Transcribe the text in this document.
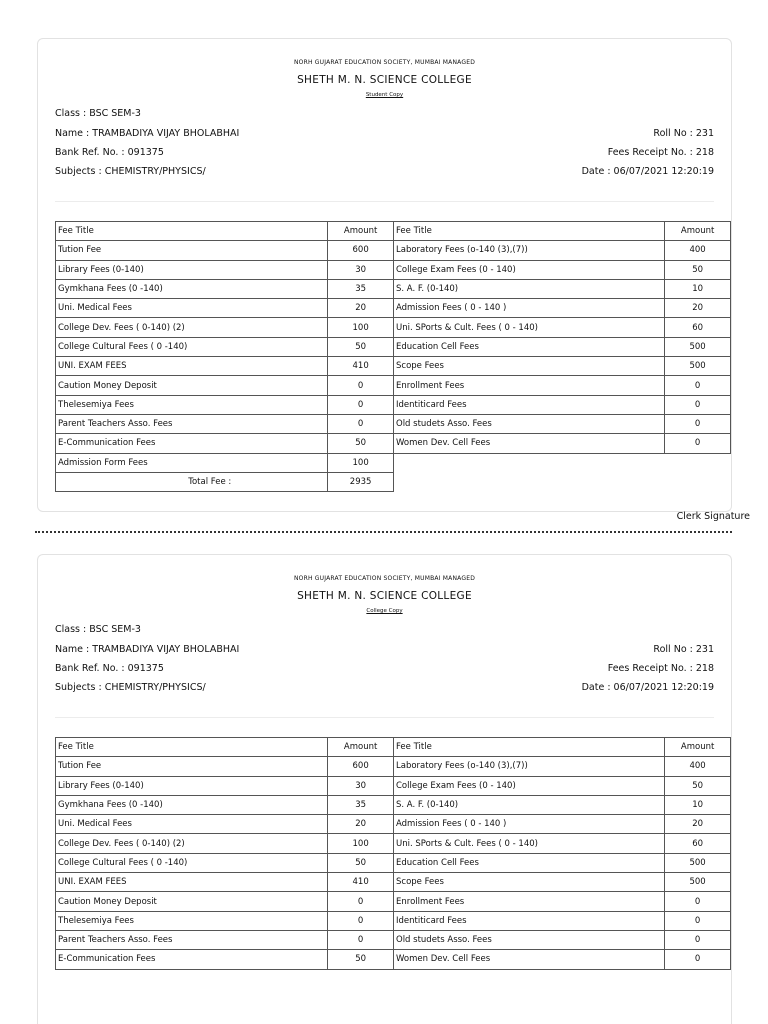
NORH GUJARAT EDUCATION SOCIETY, MUMBAI MANAGED
SHETH M. N. SCIENCE COLLEGE
Student Copy
Class : BSC SEM-3
Name : TRAMBADIYA VIJAY BHOLABHAI	Roll No : 231
Bank Ref. No. : 091375	Fees Receipt No. : 218
Subjects : CHEMISTRY/PHYSICS/	Date : 06/07/2021 12:20:19
Fee Title	Amount	Fee Title	Amount
Tution Fee	600	Laboratory Fees (o-140 (3),(7))	400
Library Fees (0-140)	30	College Exam Fees (0 - 140)	50
Gymkhana Fees (0 -140)	35	S. A. F. (0-140)	10
Uni. Medical Fees	20	Admission Fees ( 0 - 140 )	20
College Dev. Fees ( 0-140) (2)	100	Uni. SPorts & Cult. Fees ( 0 - 140)	60
College Cultural Fees ( 0 -140)	50	Education Cell Fees	500
UNI. EXAM FEES	410	Scope Fees	500
Caution Money Deposit	0	Enrollment Fees	0
Thelesemiya Fees	0	Identiticard Fees	0
Parent Teachers Asso. Fees	0	Old studets Asso. Fees	0
E-Communication Fees	50	Women Dev. Cell Fees	0
Admission Form Fees	100		
Total Fee :	2935		
Clerk Signature
NORH GUJARAT EDUCATION SOCIETY, MUMBAI MANAGED
SHETH M. N. SCIENCE COLLEGE
College Copy
Class : BSC SEM-3
Name : TRAMBADIYA VIJAY BHOLABHAI	Roll No : 231
Bank Ref. No. : 091375	Fees Receipt No. : 218
Subjects : CHEMISTRY/PHYSICS/	Date : 06/07/2021 12:20:19
Fee Title	Amount	Fee Title	Amount
Tution Fee	600	Laboratory Fees (o-140 (3),(7))	400
Library Fees (0-140)	30	College Exam Fees (0 - 140)	50
Gymkhana Fees (0 -140)	35	S. A. F. (0-140)	10
Uni. Medical Fees	20	Admission Fees ( 0 - 140 )	20
College Dev. Fees ( 0-140) (2)	100	Uni. SPorts & Cult. Fees ( 0 - 140)	60
College Cultural Fees ( 0 -140)	50	Education Cell Fees	500
UNI. EXAM FEES	410	Scope Fees	500
Caution Money Deposit	0	Enrollment Fees	0
Thelesemiya Fees	0	Identiticard Fees	0
Parent Teachers Asso. Fees	0	Old studets Asso. Fees	0
E-Communication Fees	50	Women Dev. Cell Fees	0
